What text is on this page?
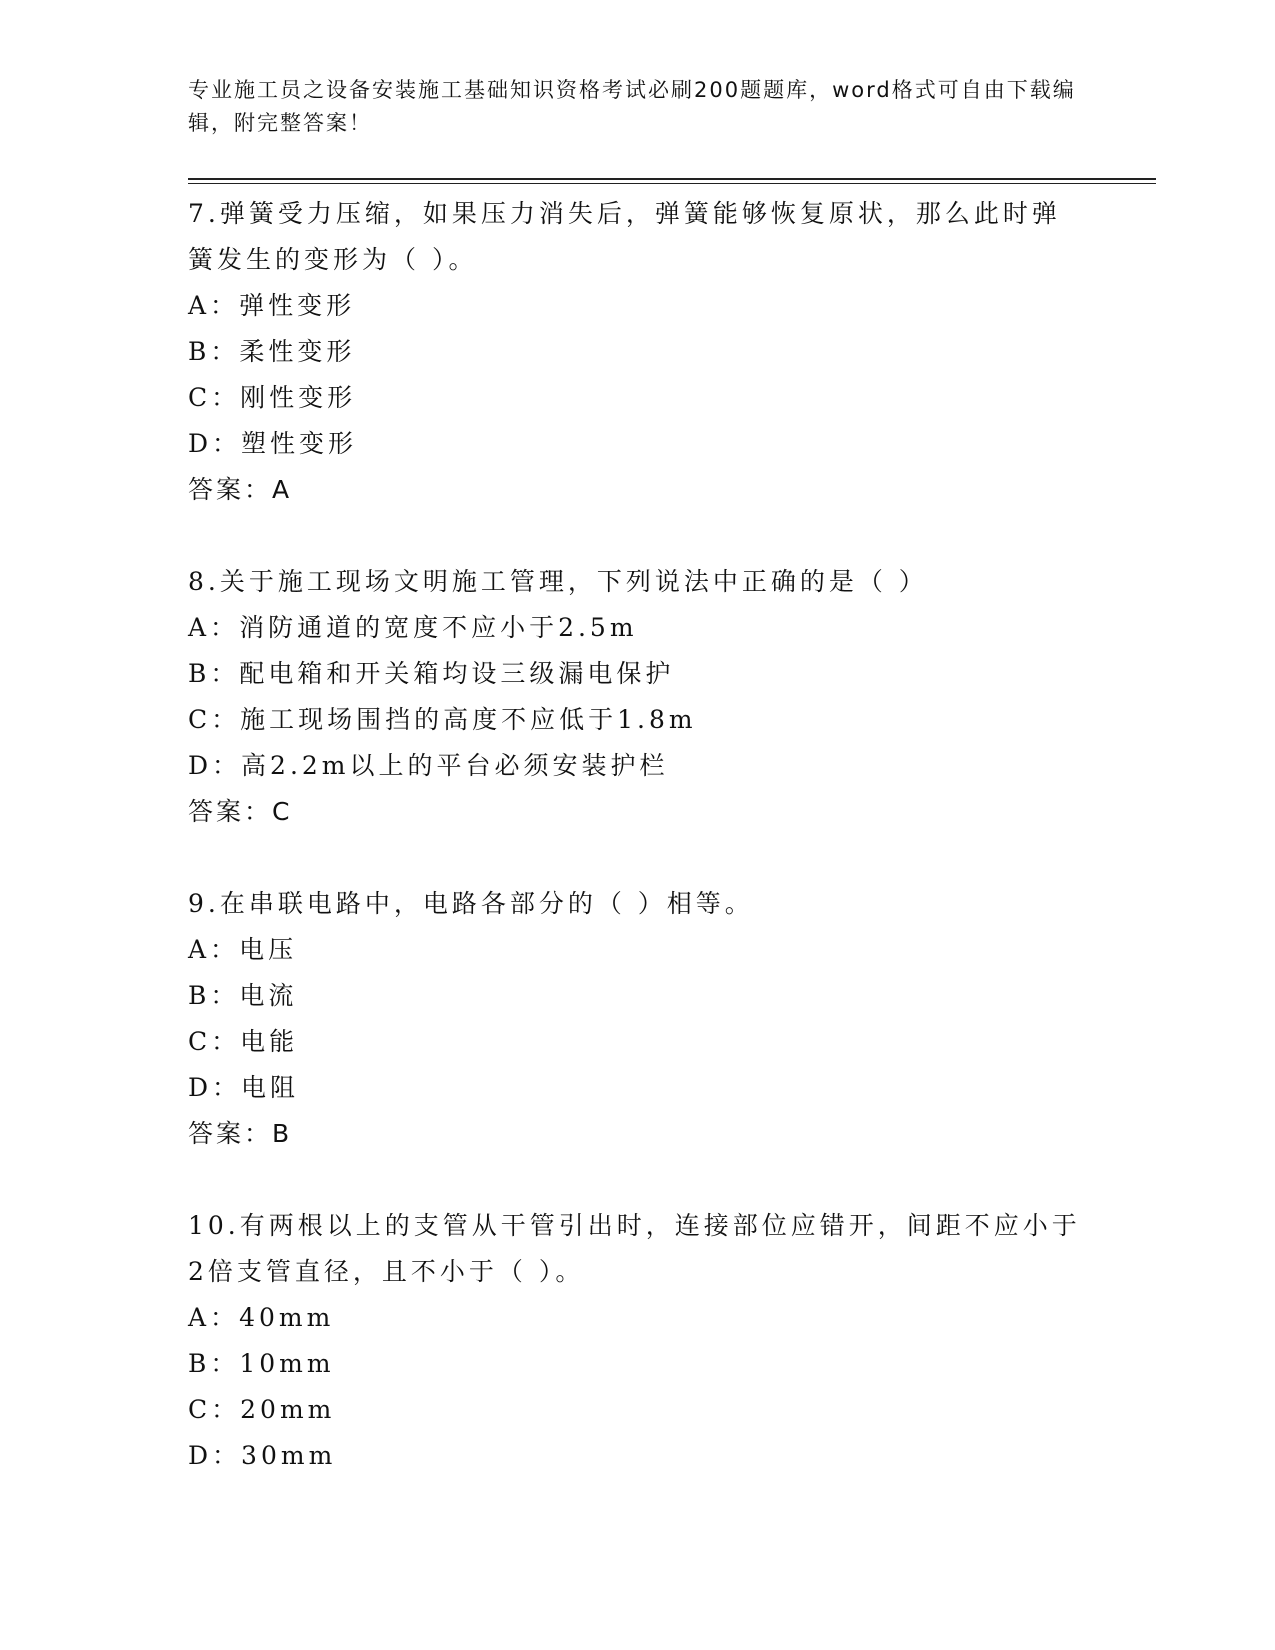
专业施工员之设备安装施工基础知识资格考试必刷200题题库，word格式可自由下载编辑，附完整答案！
7.弹簧受力压缩，如果压力消失后，弹簧能够恢复原状，那么此时弹簧发生的变形为（ ）。
A：弹性变形
B：柔性变形
C：刚性变形
D：塑性变形
答案：A
8.关于施工现场文明施工管理，下列说法中正确的是（ ）
A：消防通道的宽度不应小于2.5m
B：配电箱和开关箱均设三级漏电保护
C：施工现场围挡的高度不应低于1.8m
D：高2.2m以上的平台必须安装护栏
答案：C
9.在串联电路中，电路各部分的（ ）相等。
A：电压
B：电流
C：电能
D：电阻
答案：B
10.有两根以上的支管从干管引出时，连接部位应错开，间距不应小于2倍支管直径，且不小于（ ）。
A：40mm
B：10mm
C：20mm
D：30mm
